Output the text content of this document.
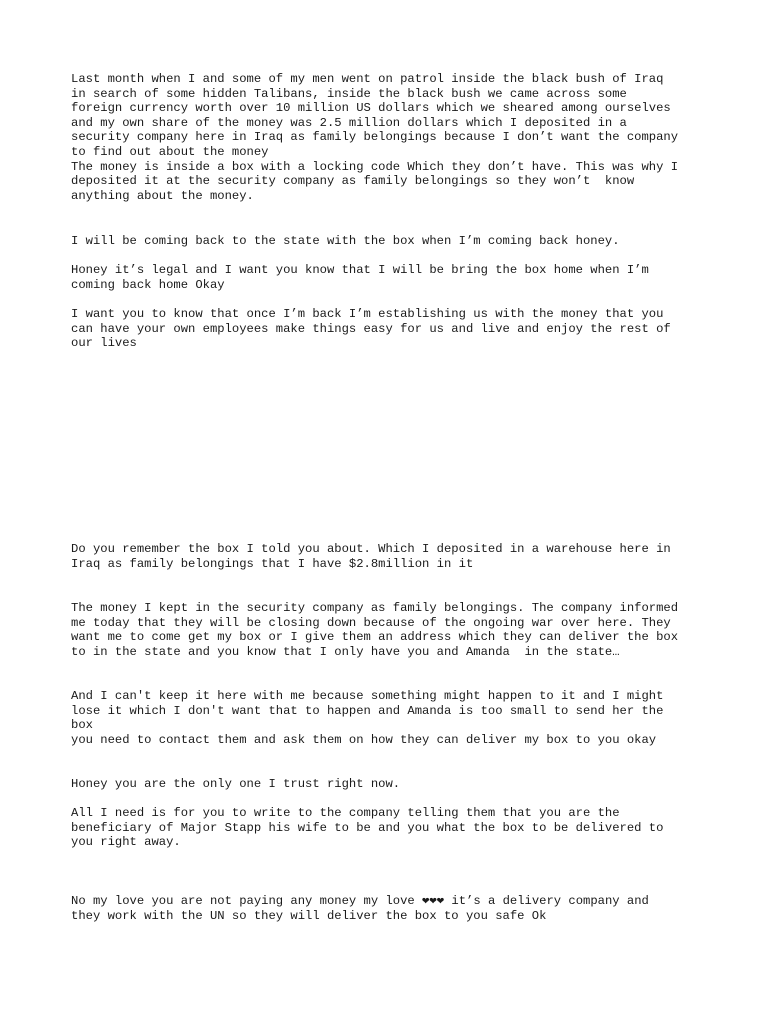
Last month when I and some of my men went on patrol inside the black bush of Iraq
in search of some hidden Talibans, inside the black bush we came across some
foreign currency worth over 10 million US dollars which we sheared among ourselves
and my own share of the money was 2.5 million dollars which I deposited in a
security company here in Iraq as family belongings because I don’t want the company
to find out about the money
The money is inside a box with a locking code Which they don’t have. This was why I
deposited it at the security company as family belongings so they won’t  know
anything about the money.

I will be coming back to the state with the box when I’m coming back honey.

Honey it’s legal and I want you know that I will be bring the box home when I’m
coming back home Okay

I want you to know that once I’m back I’m establishing us with the money that you
can have your own employees make things easy for us and live and enjoy the rest of
our lives

Do you remember the box I told you about. Which I deposited in a warehouse here in
Iraq as family belongings that I have $2.8million in it

The money I kept in the security company as family belongings. The company informed
me today that they will be closing down because of the ongoing war over here. They
want me to come get my box or I give them an address which they can deliver the box
to in the state and you know that I only have you and Amanda  in the state…

And I can't keep it here with me because something might happen to it and I might
lose it which I don't want that to happen and Amanda is too small to send her the
box
you need to contact them and ask them on how they can deliver my box to you okay

Honey you are the only one I trust right now.

All I need is for you to write to the company telling them that you are the
beneficiary of Major Stapp his wife to be and you what the box to be delivered to
you right away.

No my love you are not paying any money my love ❤❤❤ it’s a delivery company and
they work with the UN so they will deliver the box to you safe Ok
